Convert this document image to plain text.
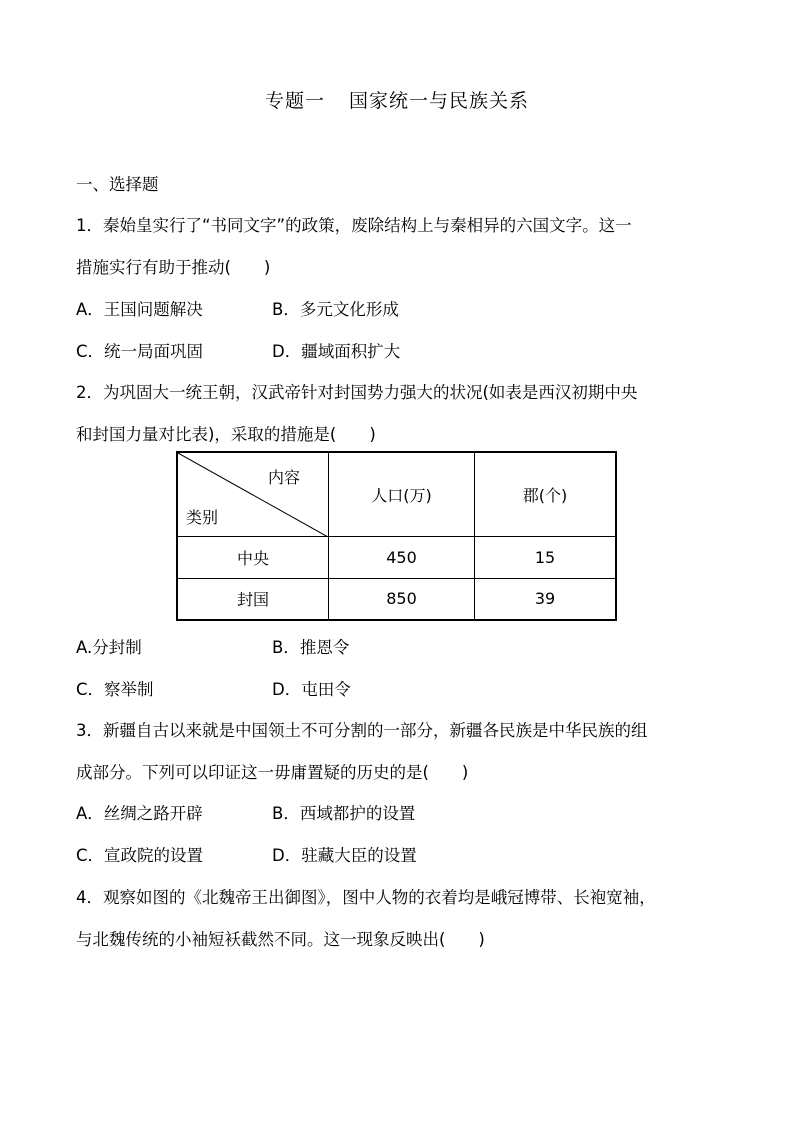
专题一 国家统一与民族关系
一、选择题
1．秦始皇实行了“书同文字”的政策，废除结构上与秦相异的六国文字。这一
措施实行有助于推动(　　)
A．王国问题解决	B．多元文化形成
C．统一局面巩固	D．疆域面积扩大
2．为巩固大一统王朝，汉武帝针对封国势力强大的状况(如表是西汉初期中央
和封国力量对比表)，采取的措施是(　　)
内容
类别	人口(万)	郡(个)
中央	450	15
封国	850	39
A.分封制	B．推恩令
C．察举制	D．屯田令
3．新疆自古以来就是中国领土不可分割的一部分，新疆各民族是中华民族的组
成部分。下列可以印证这一毋庸置疑的历史的是(　　)
A．丝绸之路开辟	B．西域都护的设置
C．宣政院的设置	D．驻藏大臣的设置
4．观察如图的《北魏帝王出御图》，图中人物的衣着均是峨冠博带、长袍宽袖，
与北魏传统的小袖短袄截然不同。这一现象反映出(　　)
